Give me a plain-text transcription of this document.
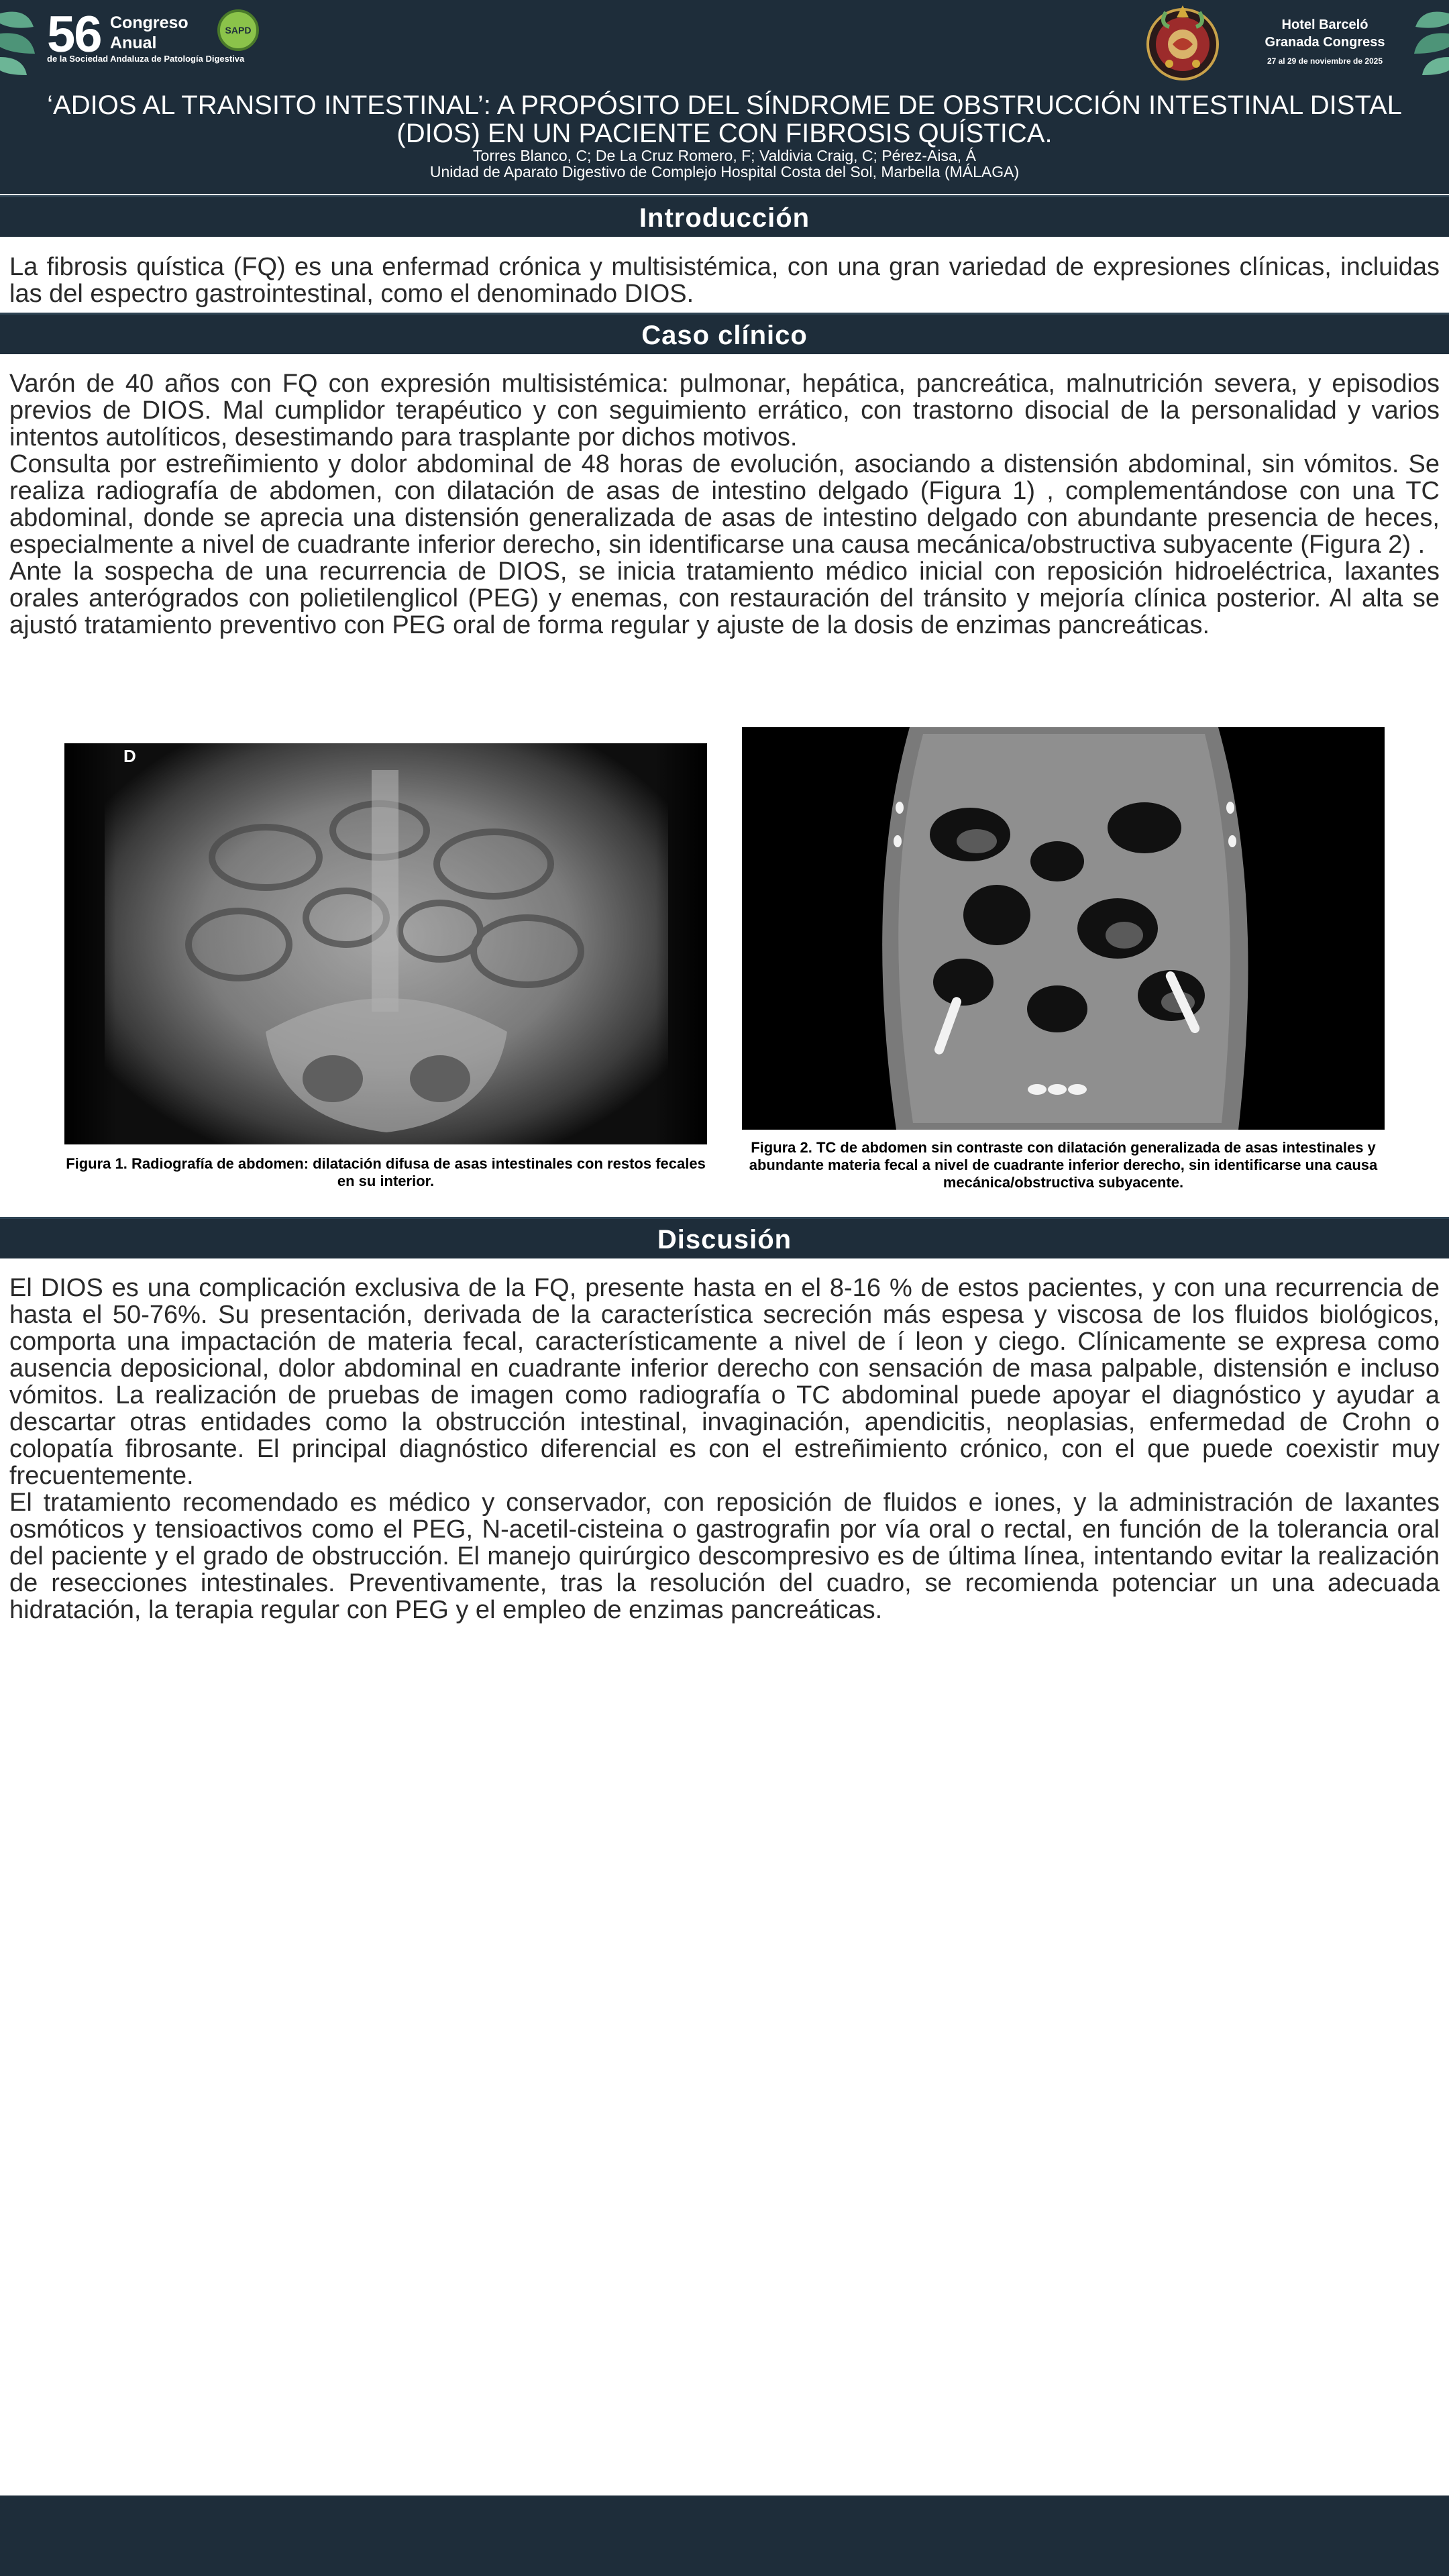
56 Congreso
Anual
de la Sociedad Andaluza de Patología Digestiva
SAPD	Hotel Barceló
Granada Congress
27 al 29 de noviembre de 2025
‘ADIOS AL TRANSITO INTESTINAL’: A PROPÓSITO DEL SÍNDROME DE OBSTRUCCIÓN INTESTINAL DISTAL (DIOS) EN UN PACIENTE CON FIBROSIS QUÍSTICA.
Torres Blanco, C; De La Cruz Romero, F; Valdivia Craig, C; Pérez-Aisa, Á
Unidad de Aparato Digestivo de Complejo Hospital Costa del Sol, Marbella (MÁLAGA)
Introducción

La fibrosis quística (FQ) es una enfermad crónica y multisistémica, con una gran variedad de expresiones clínicas, incluidas las del espectro gastrointestinal, como el denominado DIOS.

Caso clínico

Varón de 40 años con FQ con expresión multisistémica: pulmonar, hepática, pancreática, malnutrición severa, y episodios previos de DIOS. Mal cumplidor terapéutico y con seguimiento errático, con trastorno disocial de la personalidad y varios intentos autolíticos, desestimando para trasplante por dichos motivos.

Consulta por estreñimiento y dolor abdominal de 48 horas de evolución, asociando a distensión abdominal, sin vómitos. Se realiza radiografía de abdomen, con dilatación de asas de intestino delgado (Figura 1) , complementándose con una TC abdominal, donde se aprecia una distensión generalizada de asas de intestino delgado con abundante presencia de heces, especialmente a nivel de cuadrante inferior derecho, sin identificarse una causa mecánica/obstructiva subyacente (Figura 2) .

Ante la sospecha de una recurrencia de DIOS, se inicia tratamiento médico inicial con reposición hidroeléctrica, laxantes orales anterógrados con polietilenglicol (PEG) y enemas, con restauración del tránsito y mejoría clínica posterior. Al alta se ajustó tratamiento preventivo con PEG oral de forma regular y ajuste de la dosis de enzimas pancreáticas.

D
Figura 1. Radiografía de abdomen: dilatación difusa de asas intestinales con restos fecales en su interior.
Figura 2. TC de abdomen sin contraste con dilatación generalizada de asas intestinales y abundante materia fecal a nivel de cuadrante inferior derecho, sin identificarse una causa mecánica/obstructiva subyacente.
Discusión

El DIOS es una complicación exclusiva de la FQ, presente hasta en el 8-16 % de estos pacientes, y con una recurrencia de hasta el 50-76%. Su presentación, derivada de la característica secreción más espesa y viscosa de los fluidos biológicos, comporta una impactación de materia fecal, característicamente a nivel de í leon y ciego. Clínicamente se expresa como ausencia deposicional, dolor abdominal en cuadrante inferior derecho con sensación de masa palpable, distensión e incluso vómitos. La realización de pruebas de imagen como radiografía o TC abdominal puede apoyar el diagnóstico y ayudar a descartar otras entidades como la obstrucción intestinal, invaginación, apendicitis, neoplasias, enfermedad de Crohn o colopatía fibrosante. El principal diagnóstico diferencial es con el estreñimiento crónico, con el que puede coexistir muy frecuentemente.

El tratamiento recomendado es médico y conservador, con reposición de fluidos e iones, y la administración de laxantes osmóticos y tensioactivos como el PEG, N-acetil-cisteina o gastrografin por vía oral o rectal, en función de la tolerancia oral del paciente y el grado de obstrucción. El manejo quirúrgico descompresivo es de última línea, intentando evitar la realización de resecciones intestinales. Preventivamente, tras la resolución del cuadro, se recomienda potenciar un una adecuada hidratación, la terapia regular con PEG y el empleo de enzimas pancreáticas.
